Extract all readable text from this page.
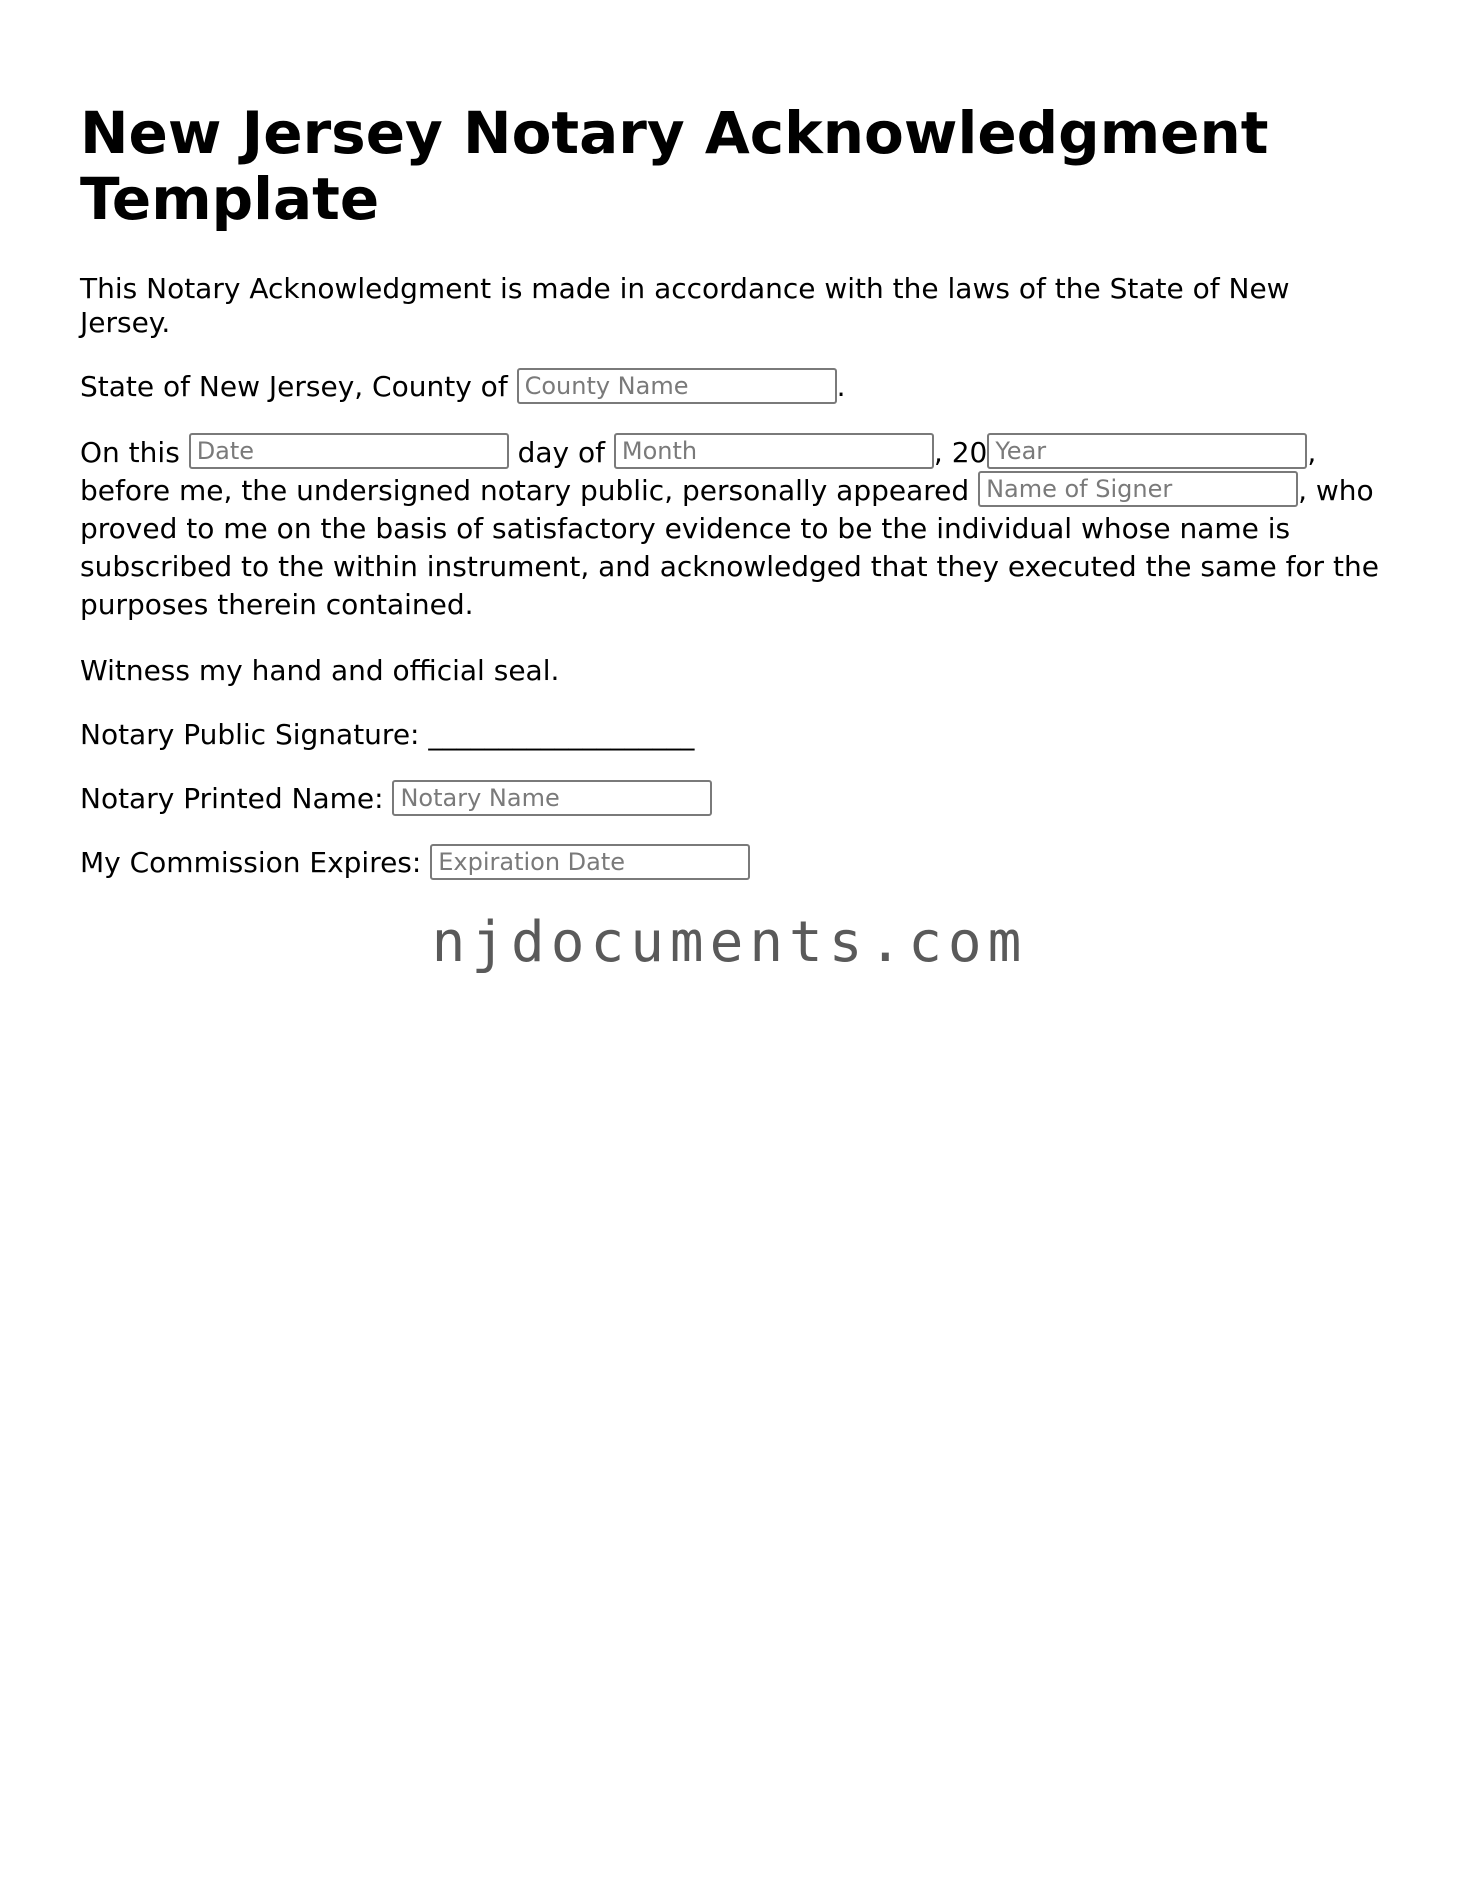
New Jersey Notary Acknowledgment Template

This Notary Acknowledgment is made in accordance with the laws of the State of New Jersey.

State of New Jersey, County of County Name	.

On this Date	day of Month	, 20Year	, before me, the undersigned notary public, personally appeared Name of Signer	, who proved to me on the basis of satisfactory evidence to be the individual whose name is subscribed to the within instrument, and acknowledged that they executed the same for the purposes therein contained.

Witness my hand and official seal.

Notary Public Signature: ___________________

Notary Printed Name: Notary Name

My Commission Expires: Expiration Date

njdocuments.com
